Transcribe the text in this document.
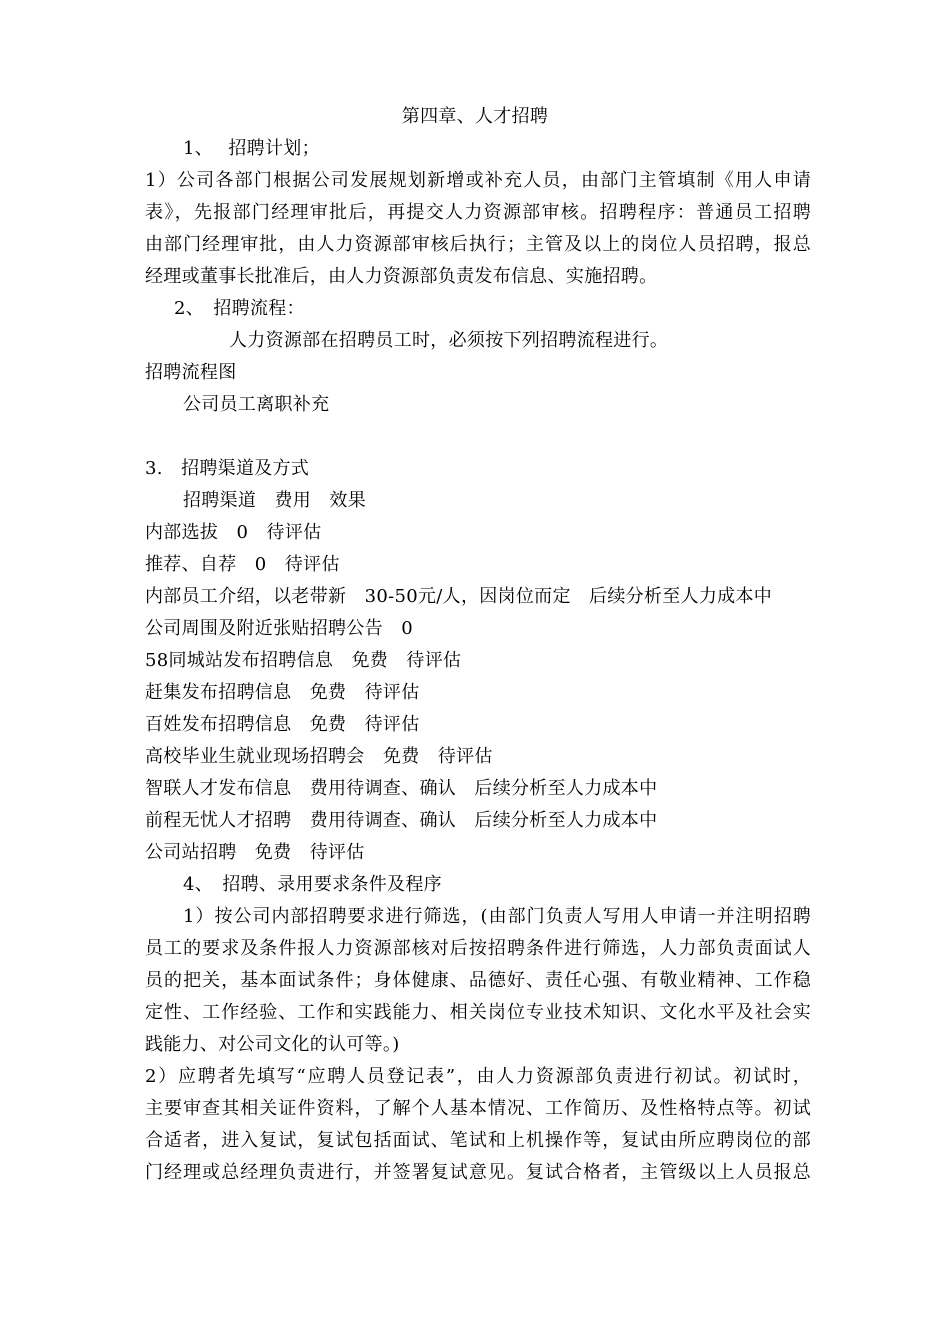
第四章、人才招聘
1、　 招聘计划；
1）公司各部门根据公司发展规划新增或补充人员，由部门主管填制《用人申请
表》，先报部门经理审批后，再提交人力资源部审核。招聘程序：普通员工招聘
由部门经理审批，由人力资源部审核后执行；主管及以上的岗位人员招聘，报总
经理或董事长批准后，由人力资源部负责发布信息、实施招聘。
2、　招聘流程：
人力资源部在招聘员工时，必须按下列招聘流程进行。
招聘流程图
公司员工离职补充
3.　招聘渠道及方式
招聘渠道　费用　效果
内部选拔　0　待评估
推荐、自荐　0　待评估
内部员工介绍，以老带新　30-50元/人，因岗位而定　后续分析至人力成本中
公司周围及附近张贴招聘公告　0
58同城站发布招聘信息　免费　待评估
赶集发布招聘信息　免费　待评估
百姓发布招聘信息　免费　待评估
高校毕业生就业现场招聘会　免费　待评估
智联人才发布信息　费用待调查、确认　后续分析至人力成本中
前程无忧人才招聘　费用待调查、确认　后续分析至人力成本中
公司站招聘　免费　待评估
4、　招聘、录用要求条件及程序
1）按公司内部招聘要求进行筛选，(由部门负责人写用人申请一并注明招聘
员工的要求及条件报人力资源部核对后按招聘条件进行筛选，人力部负责面试人
员的把关，基本面试条件；身体健康、品德好、责任心强、有敬业精神、工作稳
定性、工作经验、工作和实践能力、相关岗位专业技术知识、文化水平及社会实
践能力、对公司文化的认可等。)
2）应聘者先填写“应聘人员登记表”，由人力资源部负责进行初试。初试时，
主要审查其相关证件资料，了解个人基本情况、工作简历、及性格特点等。初试
合适者，进入复试，复试包括面试、笔试和上机操作等，复试由所应聘岗位的部
门经理或总经理负责进行，并签署复试意见。复试合格者，主管级以上人员报总
